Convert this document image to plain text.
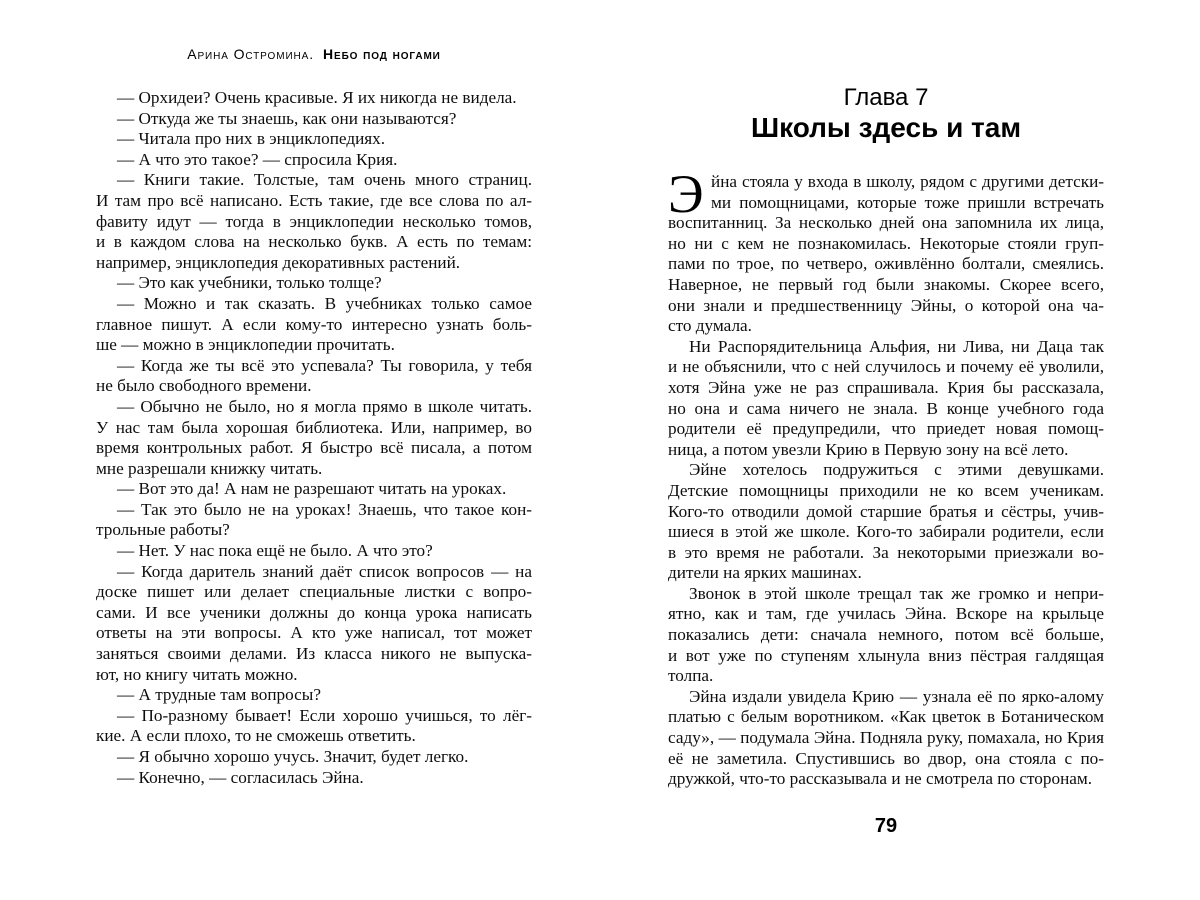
Арина Остромина. Небо под ногами
— Орхидеи? Очень красивые. Я их никогда не видела.
— Откуда же ты знаешь, как они называются?
— Читала про них в энциклопедиях.
— А что это такое? — спросила Крия.
— Книги такие. Толстые, там очень много страниц.
И там про всё написано. Есть такие, где все слова по ал-
фавиту идут — тогда в энциклопедии несколько томов,
и в каждом слова на несколько букв. А есть по темам:
например, энциклопедия декоративных растений.
— Это как учебники, только толще?
— Можно и так сказать. В учебниках только самое
главное пишут. А если кому-то интересно узнать боль-
ше — можно в энциклопедии прочитать.
— Когда же ты всё это успевала? Ты говорила, у тебя
не было свободного времени.
— Обычно не было, но я могла прямо в школе читать.
У нас там была хорошая библиотека. Или, например, во
время контрольных работ. Я быстро всё писала, а потом
мне разрешали книжку читать.
— Вот это да! А нам не разрешают читать на уроках.
— Так это было не на уроках! Знаешь, что такое кон-
трольные работы?
— Нет. У нас пока ещё не было. А что это?
— Когда даритель знаний даёт список вопросов — на
доске пишет или делает специальные листки с вопро-
сами. И все ученики должны до конца урока написать
ответы на эти вопросы. А кто уже написал, тот может
заняться своими делами. Из класса никого не выпуска-
ют, но книгу читать можно.
— А трудные там вопросы?
— По-разному бывает! Если хорошо учишься, то лёг-
кие. А если плохо, то не сможешь ответить.
— Я обычно хорошо учусь. Значит, будет легко.
— Конечно, — согласилась Эйна.
Глава 7
Школы здесь и там
Э йна стояла у входа в школу, рядом с другими детски-
ми помощницами, которые тоже пришли встречать
воспитанниц. За несколько дней она запомнила их лица,
но ни с кем не познакомилась. Некоторые стояли груп-
пами по трое, по четверо, оживлённо болтали, смеялись.
Наверное, не первый год были знакомы. Скорее всего,
они знали и предшественницу Эйны, о которой она ча-
сто думала.
Ни Распорядительница Альфия, ни Лива, ни Даца так
и не объяснили, что с ней случилось и почему её уволили,
хотя Эйна уже не раз спрашивала. Крия бы рассказала,
но она и сама ничего не знала. В конце учебного года
родители её предупредили, что приедет новая помощ-
ница, а потом увезли Крию в Первую зону на всё лето.
Эйне хотелось подружиться с этими девушками.
Детские помощницы приходили не ко всем ученикам.
Кого-то отводили домой старшие братья и сёстры, учив-
шиеся в этой же школе. Кого-то забирали родители, если
в это время не работали. За некоторыми приезжали во-
дители на ярких машинах.
Звонок в этой школе трещал так же громко и непри-
ятно, как и там, где училась Эйна. Вскоре на крыльце
показались дети: сначала немного, потом всё больше,
и вот уже по ступеням хлынула вниз пёстрая галдящая
толпа.
Эйна издали увидела Крию — узнала её по ярко-алому
платью с белым воротником. «Как цветок в Ботаническом
саду», — подумала Эйна. Подняла руку, помахала, но Крия
её не заметила. Спустившись во двор, она стояла с по-
дружкой, что-то рассказывала и не смотрела по сторонам.
79
